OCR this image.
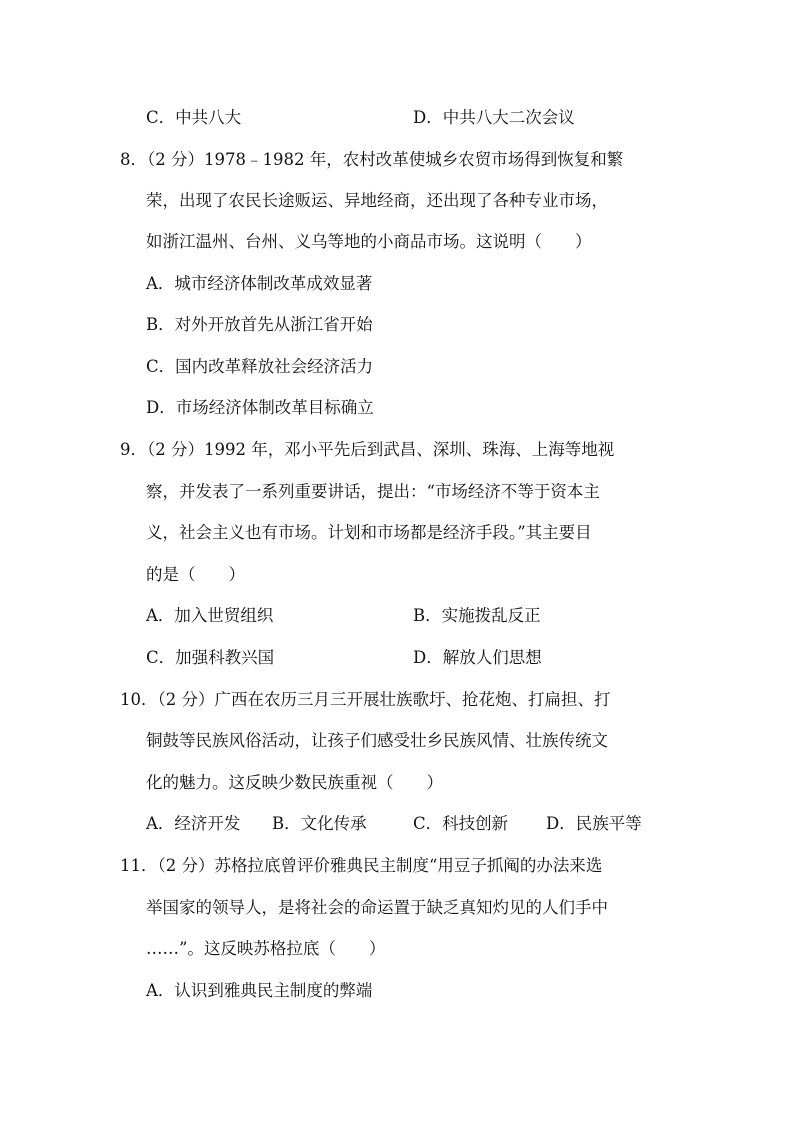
C．中共八大	D．中共八大二次会议
8．（2 分）1978﹣1982 年，农村改革使城乡农贸市场得到恢复和繁
荣，出现了农民长途贩运、异地经商，还出现了各种专业市场，
如浙江温州、台州、义乌等地的小商品市场。这说明（　　）
A．城市经济体制改革成效显著
B．对外开放首先从浙江省开始
C．国内改革释放社会经济活力
D．市场经济体制改革目标确立
9．（2 分）1992 年，邓小平先后到武昌、深圳、珠海、上海等地视
察，并发表了一系列重要讲话，提出：“市场经济不等于资本主
义，社会主义也有市场。计划和市场都是经济手段。”其主要目
的是（　　）
A．加入世贸组织	B．实施拨乱反正
C．加强科教兴国	D．解放人们思想
10．（2 分）广西在农历三月三开展壮族歌圩、抢花炮、打扁担、打
铜鼓等民族风俗活动，让孩子们感受壮乡民族风情、壮族传统文
化的魅力。这反映少数民族重视（　　）
A．经济开发 B．文化传承	C．科技创新 D．民族平等
11．（2 分）苏格拉底曾评价雅典民主制度“用豆子抓阄的办法来选
举国家的领导人，是将社会的命运置于缺乏真知灼见的人们手中
……”。这反映苏格拉底（　　）
A．认识到雅典民主制度的弊端
